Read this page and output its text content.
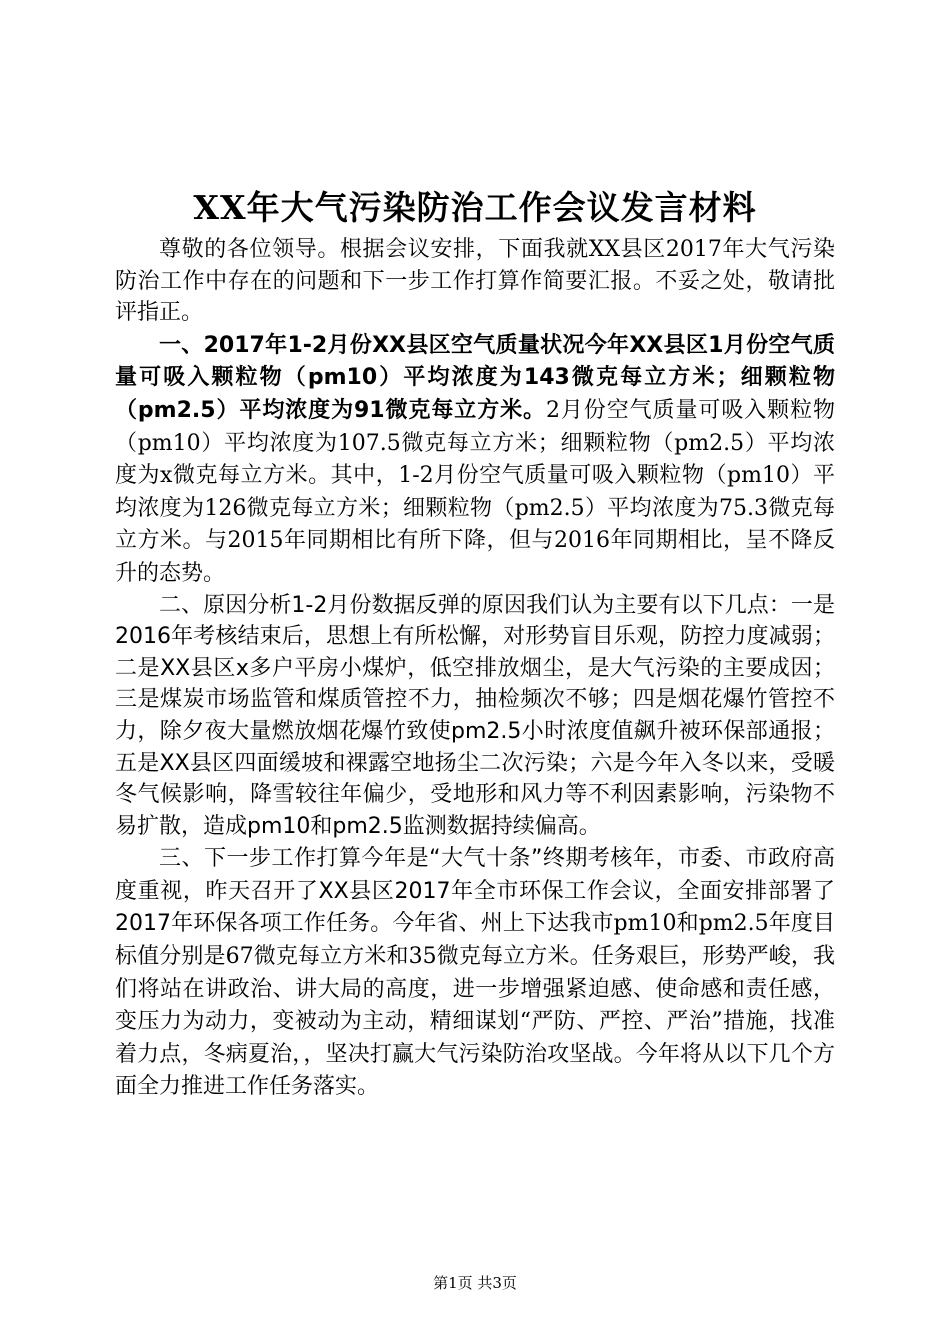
XX年大气污染防治工作会议发言材料

尊敬的各位领导。根据会议安排，下面我就XX县区2017年大气污染防治工作中存在的问题和下一步工作打算作简要汇报。不妥之处，敬请批评指正。

一、2017年1-2月份XX县区空气质量状况今年XX县区1月份空气质量可吸入颗粒物（pm10）平均浓度为143微克每立方米；细颗粒物（pm2.5）平均浓度为91微克每立方米。2月份空气质量可吸入颗粒物（pm10）平均浓度为107.5微克每立方米；细颗粒物（pm2.5）平均浓度为x微克每立方米。其中，1-2月份空气质量可吸入颗粒物（pm10）平均浓度为126微克每立方米；细颗粒物（pm2.5）平均浓度为75.3微克每立方米。与2015年同期相比有所下降，但与2016年同期相比，呈不降反升的态势。

二、原因分析1-2月份数据反弹的原因我们认为主要有以下几点：一是2016年考核结束后，思想上有所松懈，对形势盲目乐观，防控力度减弱；二是XX县区x多户平房小煤炉，低空排放烟尘，是大气污染的主要成因；三是煤炭市场监管和煤质管控不力，抽检频次不够；四是烟花爆竹管控不力，除夕夜大量燃放烟花爆竹致使pm2.5小时浓度值飙升被环保部通报；五是XX县区四面缓坡和裸露空地扬尘二次污染；六是今年入冬以来，受暖冬气候影响，降雪较往年偏少，受地形和风力等不利因素影响，污染物不易扩散，造成pm10和pm2.5监测数据持续偏高。

三、下一步工作打算今年是“大气十条”终期考核年，市委、市政府高度重视，昨天召开了XX县区2017年全市环保工作会议，全面安排部署了2017年环保各项工作任务。今年省、州上下达我市pm10和pm2.5年度目标值分别是67微克每立方米和35微克每立方米。任务艰巨，形势严峻，我们将站在讲政治、讲大局的高度，进一步增强紧迫感、使命感和责任感，变压力为动力，变被动为主动，精细谋划“严防、严控、严治”措施，找准着力点，冬病夏治，，坚决打赢大气污染防治攻坚战。今年将从以下几个方面全力推进工作任务落实。

第1页 共3页
